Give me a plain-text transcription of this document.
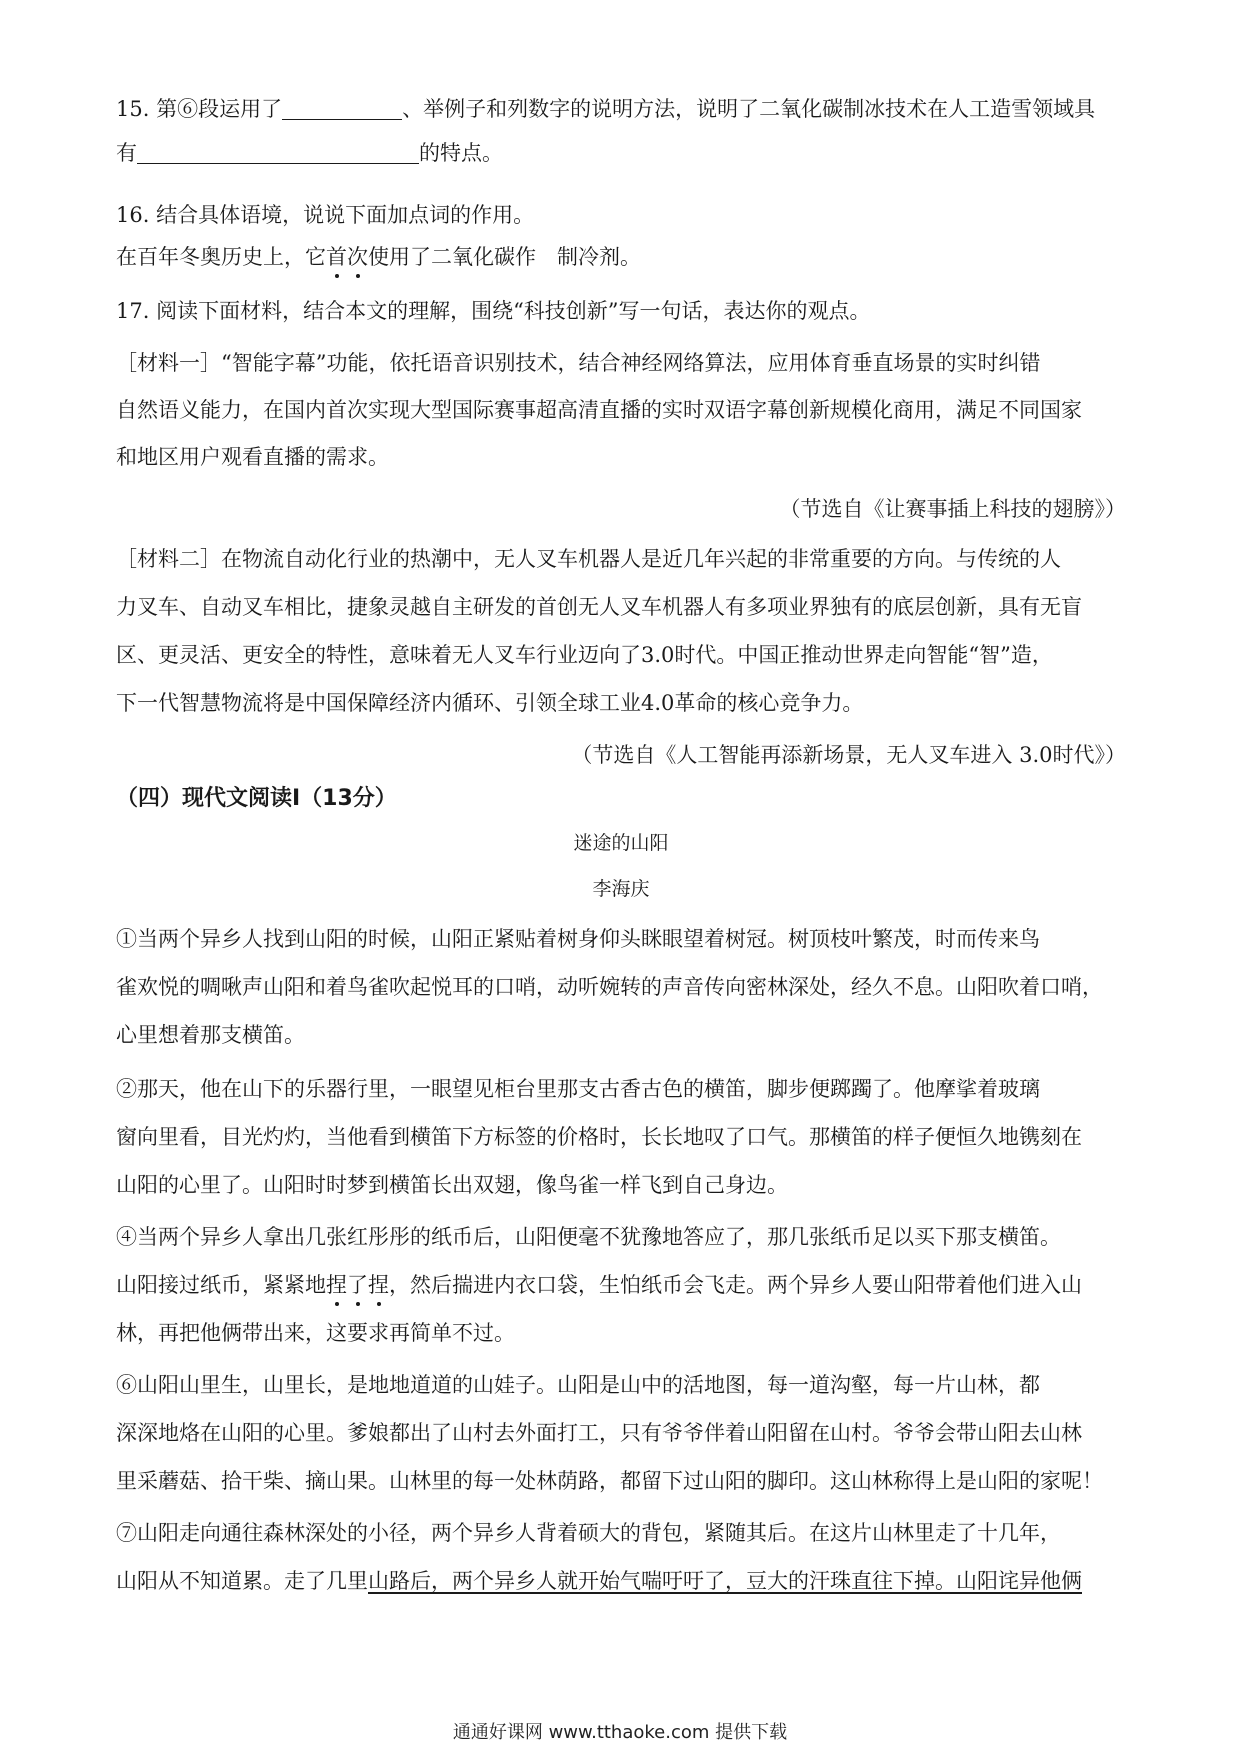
15. 第⑥段运用了	、举例子和列数字的说明方法，说明了二氧化碳制冰技术在人工造雪领域具
有	的特点。
16. 结合具体语境，说说下面加点词的作用。
在百年冬奥历史上，它首次使用了二氧化碳作　制冷剂。
17. 阅读下面材料，结合本文的理解，围绕“科技创新”写一句话，表达你的观点。
［材料一］“智能字幕”功能，依托语音识别技术，结合神经网络算法，应用体育垂直场景的实时纠错
自然语义能力，在国内首次实现大型国际赛事超高清直播的实时双语字幕创新规模化商用，满足不同国家
和地区用户观看直播的需求。
（节选自《让赛事插上科技的翅膀》）
［材料二］在物流自动化行业的热潮中，无人叉车机器人是近几年兴起的非常重要的方向。与传统的人
力叉车、自动叉车相比，捷象灵越自主研发的首创无人叉车机器人有多项业界独有的底层创新，具有无盲
区、更灵活、更安全的特性，意味着无人叉车行业迈向了3.0时代。中国正推动世界走向智能“智”造，
下一代智慧物流将是中国保障经济内循环、引领全球工业4.0革命的核心竞争力。
（节选自《人工智能再添新场景，无人叉车进入 3.0时代》）
（四）现代文阅读Ⅰ（13分）
迷途的山阳
李海庆
①当两个异乡人找到山阳的时候，山阳正紧贴着树身仰头眯眼望着树冠。树顶枝叶繁茂，时而传来鸟
雀欢悦的啁啾声山阳和着鸟雀吹起悦耳的口哨，动听婉转的声音传向密林深处，经久不息。山阳吹着口哨，
心里想着那支横笛。
②那天，他在山下的乐器行里，一眼望见柜台里那支古香古色的横笛，脚步便踯躅了。他摩挲着玻璃
窗向里看，目光灼灼，当他看到横笛下方标签的价格时，长长地叹了口气。那横笛的样子便恒久地镌刻在
山阳的心里了。山阳时时梦到横笛长出双翅，像鸟雀一样飞到自己身边。
④当两个异乡人拿出几张红彤彤的纸币后，山阳便毫不犹豫地答应了，那几张纸币足以买下那支横笛。
山阳接过纸币，紧紧地捏了捏，然后揣进内衣口袋，生怕纸币会飞走。两个异乡人要山阳带着他们进入山
林，再把他俩带出来，这要求再简单不过。
⑥山阳山里生，山里长，是地地道道的山娃子。山阳是山中的活地图，每一道沟壑，每一片山林，都
深深地烙在山阳的心里。爹娘都出了山村去外面打工，只有爷爷伴着山阳留在山村。爷爷会带山阳去山林
里采蘑菇、拾干柴、摘山果。山林里的每一处林荫路，都留下过山阳的脚印。这山林称得上是山阳的家呢！
⑦山阳走向通往森林深处的小径，两个异乡人背着硕大的背包，紧随其后。在这片山林里走了十几年，
山阳从不知道累。走了几里山路后，两个异乡人就开始气喘吁吁了，豆大的汗珠直往下掉。山阳诧异他俩
通通好课网 www.tthaoke.com 提供下载
